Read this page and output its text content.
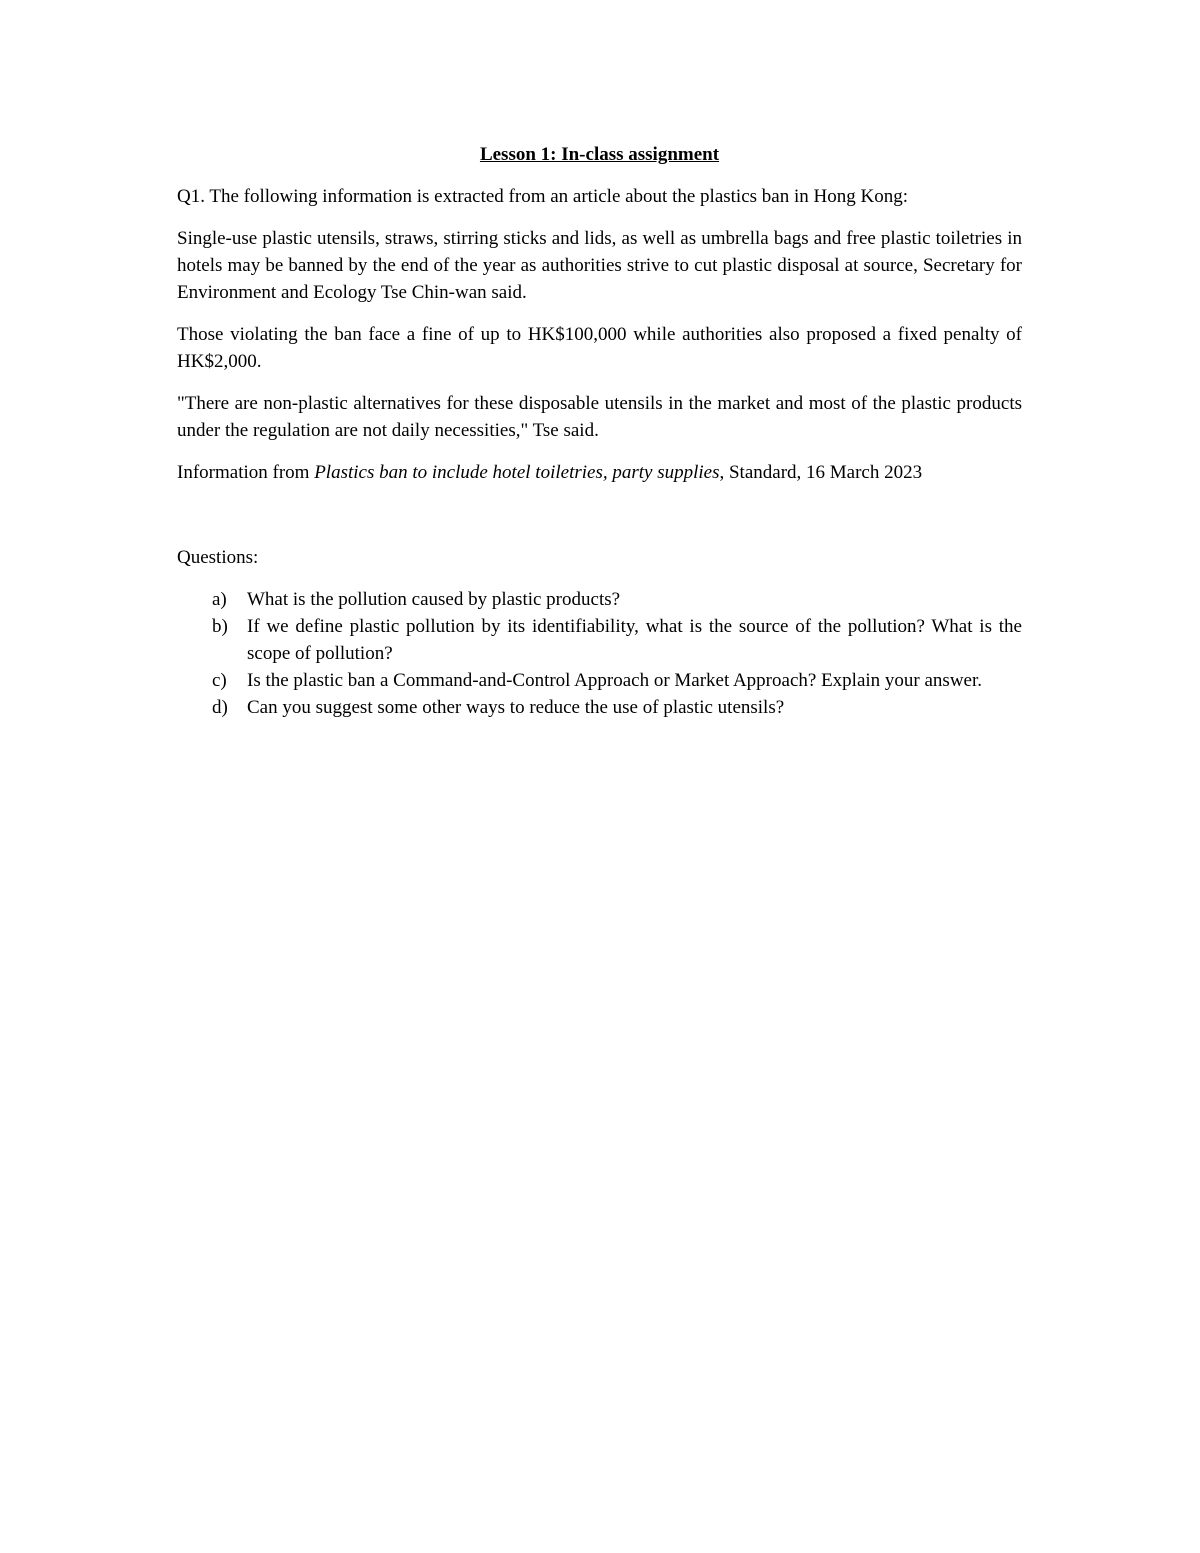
Lesson 1: In-class assignment

Q1. The following information is extracted from an article about the plastics ban in Hong Kong:

Single-use plastic utensils, straws, stirring sticks and lids, as well as umbrella bags and free plastic toiletries in hotels may be banned by the end of the year as authorities strive to cut plastic disposal at source, Secretary for Environment and Ecology Tse Chin-wan said.

Those violating the ban face a fine of up to HK$100,000 while authorities also proposed a fixed penalty of HK$2,000.

"There are non-plastic alternatives for these disposable utensils in the market and most of the plastic products under the regulation are not daily necessities," Tse said.

Information from Plastics ban to include hotel toiletries, party supplies, Standard, 16 March 2023

Questions:

a) What is the pollution caused by plastic products?
b) If we define plastic pollution by its identifiability, what is the source of the pollution? What is the scope of pollution?
c) Is the plastic ban a Command-and-Control Approach or Market Approach? Explain your answer.
d) Can you suggest some other ways to reduce the use of plastic utensils?
